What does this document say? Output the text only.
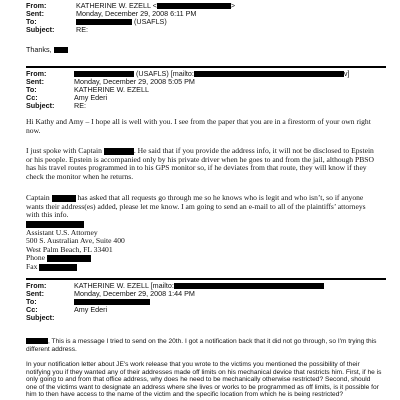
From:	KATHERINE W. EZELL <	>
Sent:	Monday, December 29, 2008 6:11 PM
To:	(USAFLS)
Subject:	RE:
Thanks,
From:	(USAFLS) [mailto:	v]
Sent:	Monday, December 29, 2008 5:05 PM
To:	KATHERINE W. EZELL
Cc:	Amy Ederi
Subject:	RE:
Hi Kathy and Amy – I hope all is well with you. I see from the paper that you are in a firestorm of your own right now.
I just spoke with Captain	. He said that if you provide the address info, it will not be disclosed to Epstein or his people. Epstein is accompanied only by his private driver when he goes to and from the jail, although PBSO has his travel routes programmed in to his GPS monitor so, if he deviates from that route, they will know if they check the monitor when he returns.
Captain	has asked that all requests go through me so he knows who is legit and who isn’t, so if anyone wants their address(es) added, please let me know. I am going to send an e-mail to all of the plaintiffs’ attorneys with this info.
Assistant U.S. Attorney
500 S. Australian Ave, Suite 400
West Palm Beach, FL 33401
Phone
Fax
From:	KATHERINE W. EZELL [mailto:
Sent:	Monday, December 29, 2008 1:44 PM
To:
Cc:	Amy Ederi
Subject:
, This is a message I tried to send on the 20th. I got a notification back that it did not go through, so I'm trying this different address.
In your notification letter about JE's work release that you wrote to the victims you mentioned the possibility of their notifying you if they wanted any of their addresses made off limits on his mechanical device that restricts him. First, if he is only going to and from that office address, why does he need to be mechanically otherwise restricted? Second, should one of the victims want to designate an address where she lives or works to be programmed as off limits, is it possible for him to then have access to the name of the victim and the specific location from which he is being restricted?
